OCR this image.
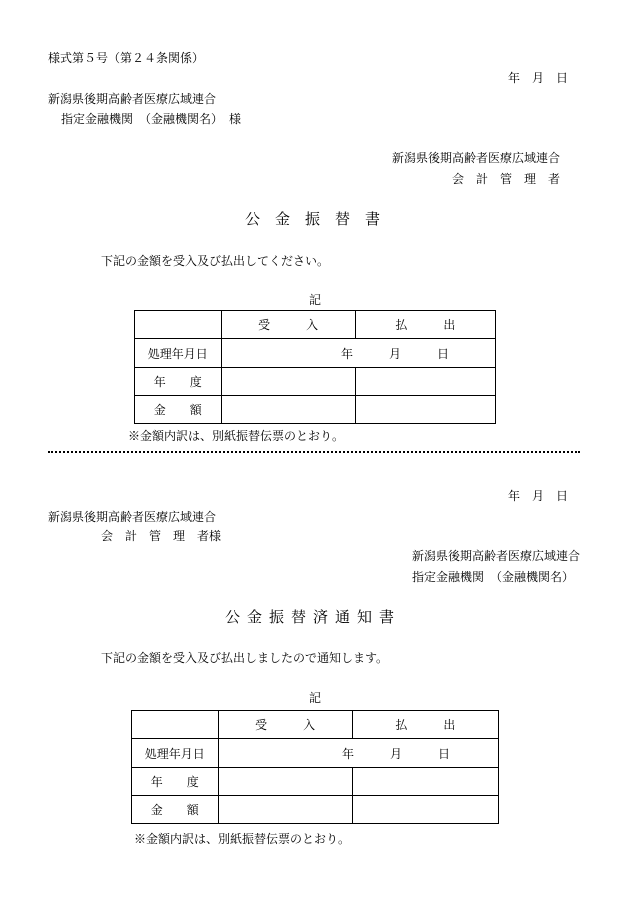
様式第５号（第２４条関係）
年　月　日
新潟県後期高齢者医療広域連合
指定金融機関　（金融機関名）　様
新潟県後期高齢者医療広域連合
会　計　管　理　者
公　金　振　替　書
下記の金額を受入及び払出してください。
記
	受　　　入	払　　　出
処理年月日	年　　　月　　　日	
年　　度		
金　　額		
※金額内訳は、別紙振替伝票のとおり。
年　月　日
新潟県後期高齢者医療広域連合
会　計　管　理　者様
新潟県後期高齢者医療広域連合
指定金融機関　（金融機関名）
公金振替済通知書
下記の金額を受入及び払出しましたので通知します。
記
	受　　　入	払　　　出
処理年月日	年　　　月　　　日	
年　　度		
金　　額		
※金額内訳は、別紙振替伝票のとおり。
